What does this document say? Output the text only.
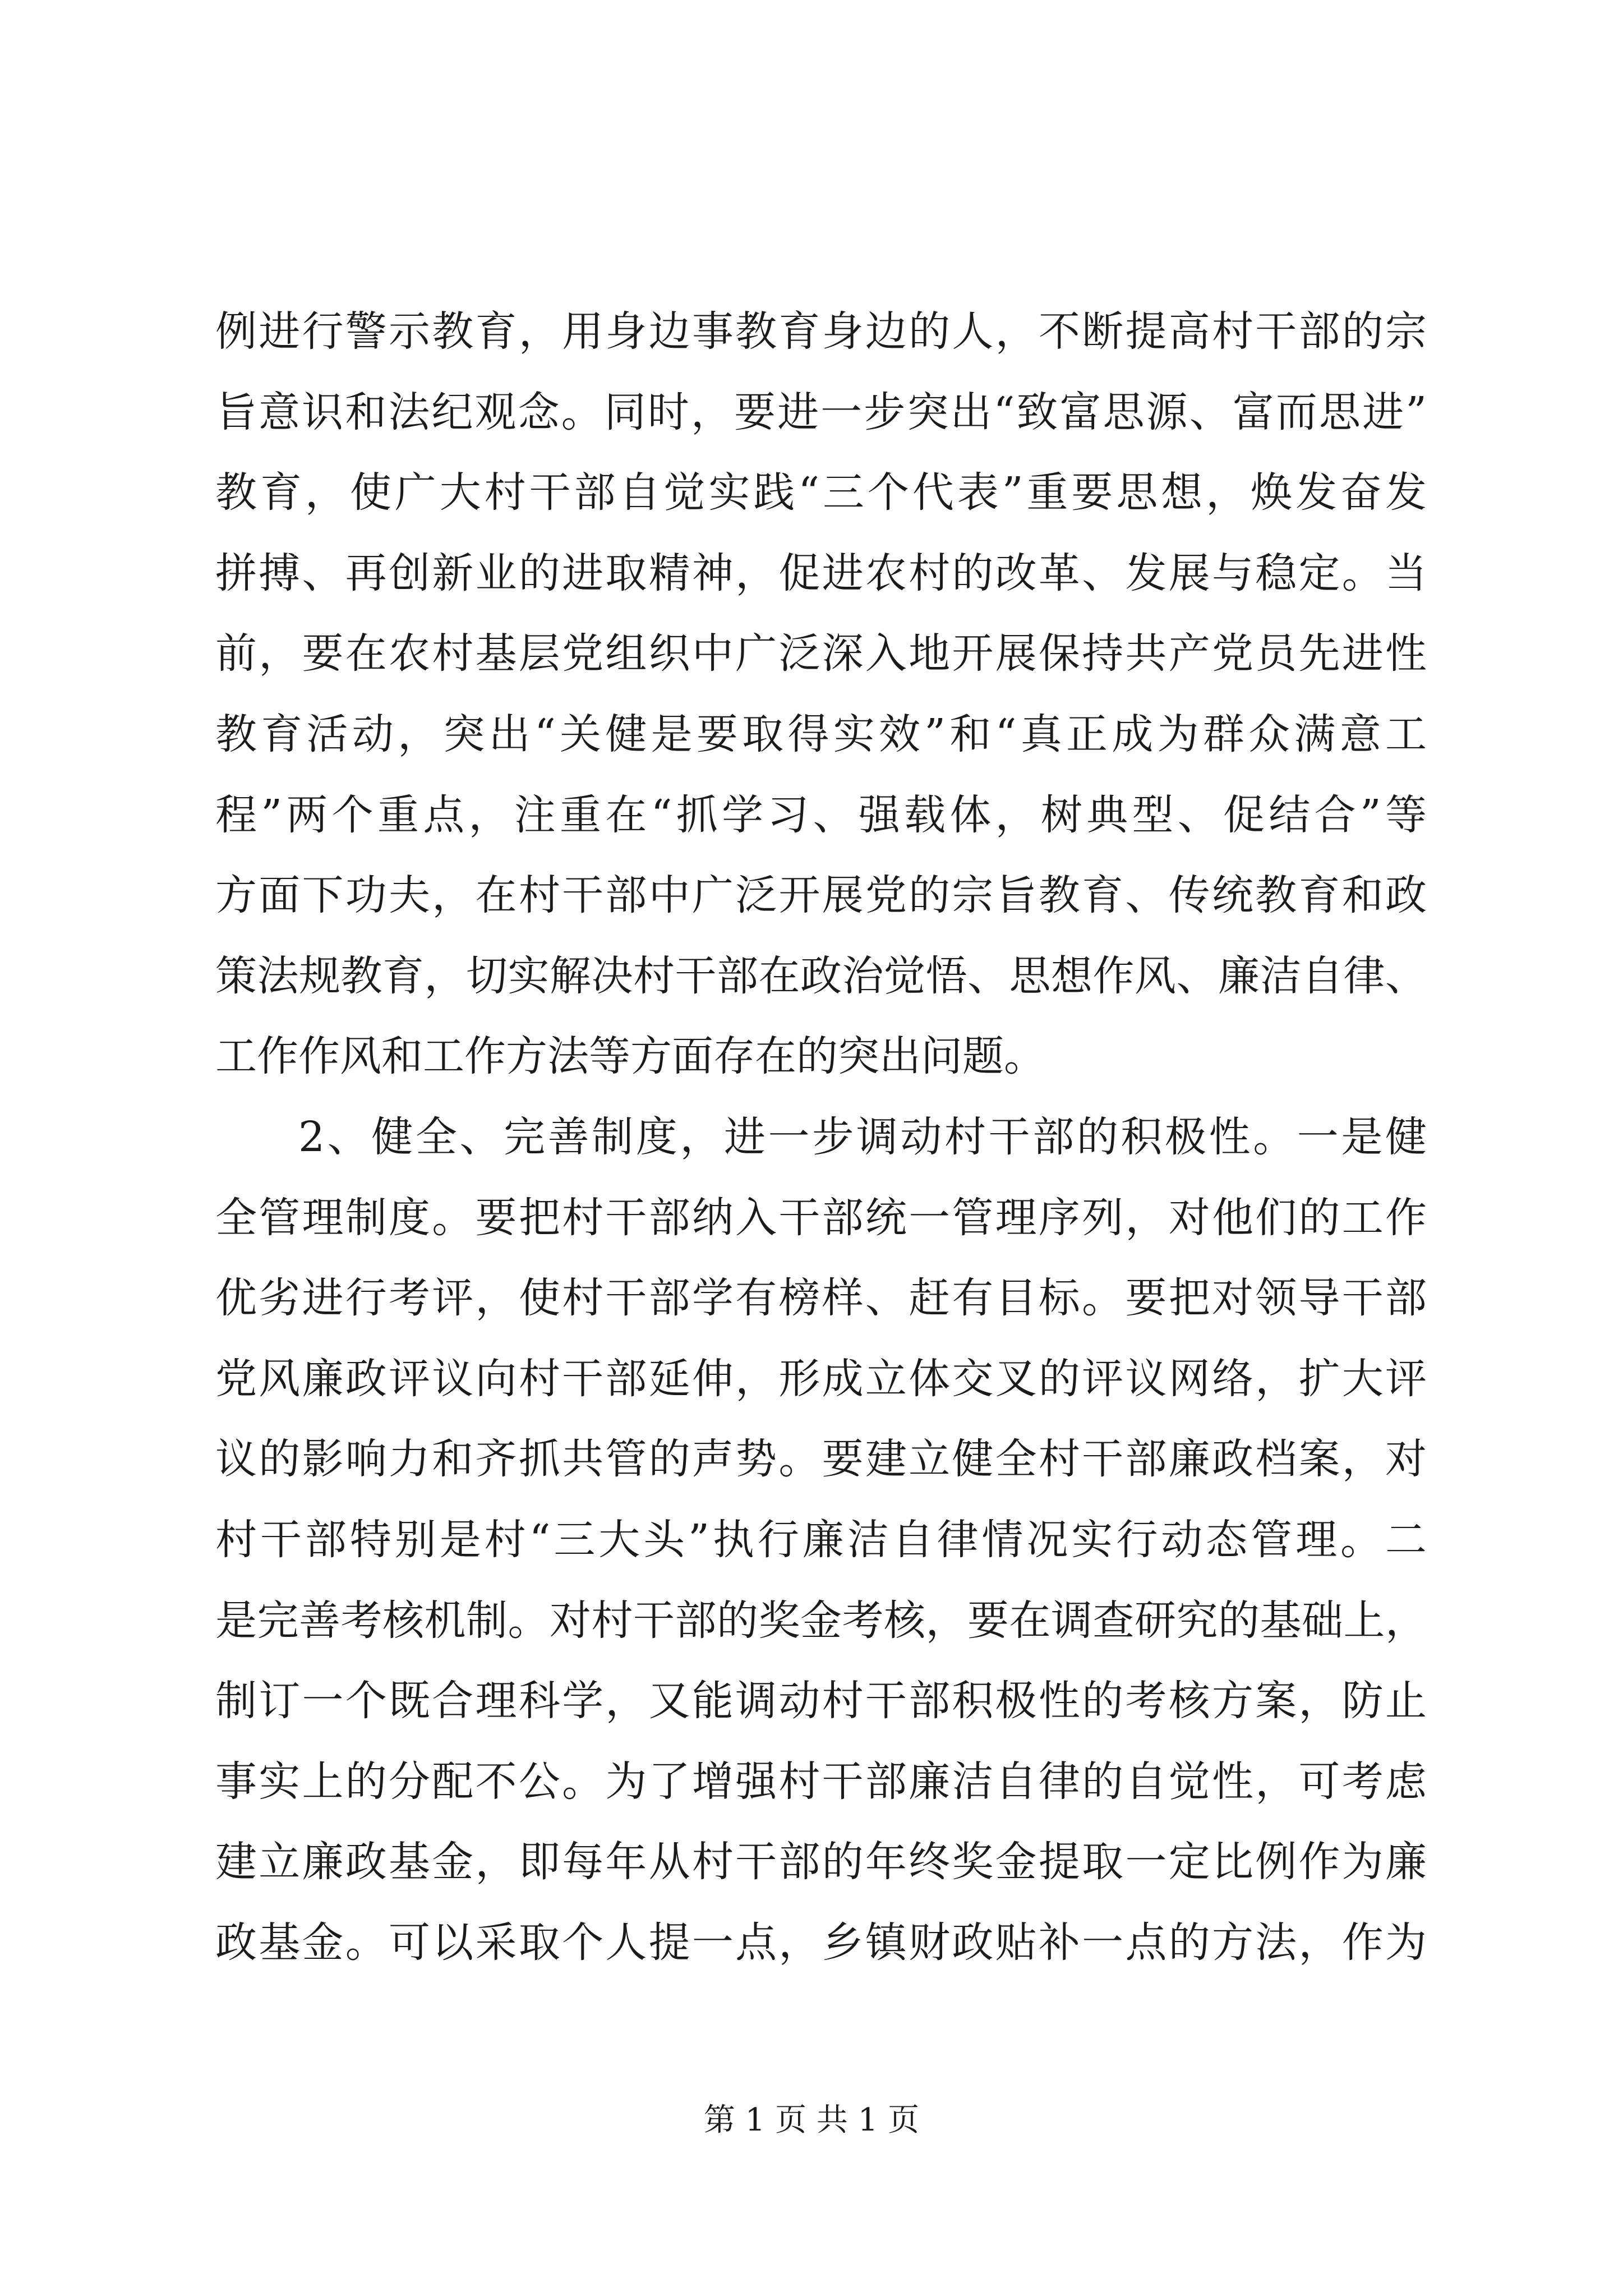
例进行警示教育，用身边事教育身边的人，不断提高村干部的宗
旨意识和法纪观念。同时，要进一步突出“致富思源、富而思进”
教育，使广大村干部自觉实践“三个代表”重要思想，焕发奋发
拼搏、再创新业的进取精神，促进农村的改革、发展与稳定。当
前，要在农村基层党组织中广泛深入地开展保持共产党员先进性
教育活动，突出“关健是要取得实效”和“真正成为群众满意工
程”两个重点，注重在“抓学习、强载体，树典型、促结合”等
方面下功夫，在村干部中广泛开展党的宗旨教育、传统教育和政
策法规教育，切实解决村干部在政治觉悟、思想作风、廉洁自律、
工作作风和工作方法等方面存在的突出问题。
2、健全、完善制度，进一步调动村干部的积极性。一是健
全管理制度。要把村干部纳入干部统一管理序列，对他们的工作
优劣进行考评，使村干部学有榜样、赶有目标。要把对领导干部
党风廉政评议向村干部延伸，形成立体交叉的评议网络，扩大评
议的影响力和齐抓共管的声势。要建立健全村干部廉政档案，对
村干部特别是村“三大头”执行廉洁自律情况实行动态管理。二
是完善考核机制。对村干部的奖金考核，要在调查研究的基础上，
制订一个既合理科学，又能调动村干部积极性的考核方案，防止
事实上的分配不公。为了增强村干部廉洁自律的自觉性，可考虑
建立廉政基金，即每年从村干部的年终奖金提取一定比例作为廉
政基金。可以采取个人提一点，乡镇财政贴补一点的方法，作为
第 1 页 共 1 页
